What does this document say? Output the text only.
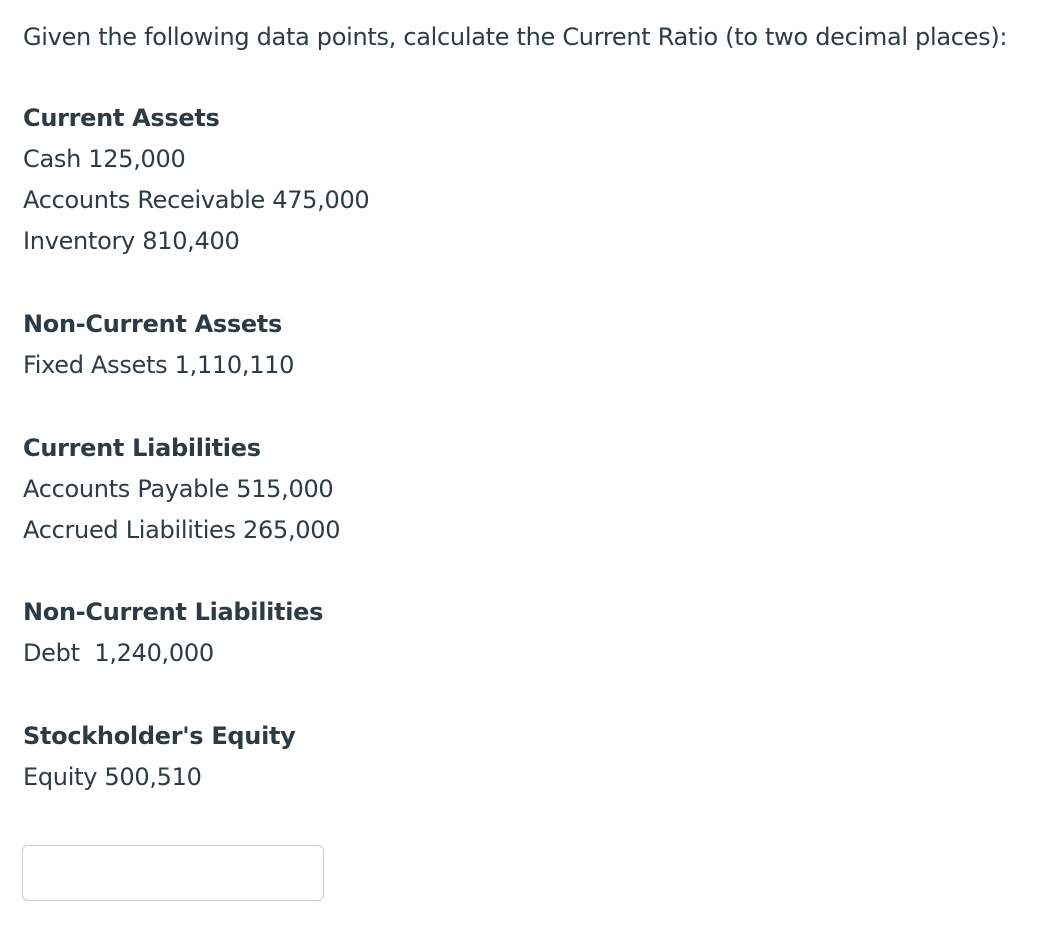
Given the following data points, calculate the Current Ratio (to two decimal places):

Current Assets

Cash 125,000
Accounts Receivable 475,000
Inventory 810,400

Non-Current Assets

Fixed Assets 1,110,110

Current Liabilities

Accounts Payable 515,000
Accrued Liabilities 265,000

Non-Current Liabilities

Debt  1,240,000

Stockholder's Equity

Equity 500,510
